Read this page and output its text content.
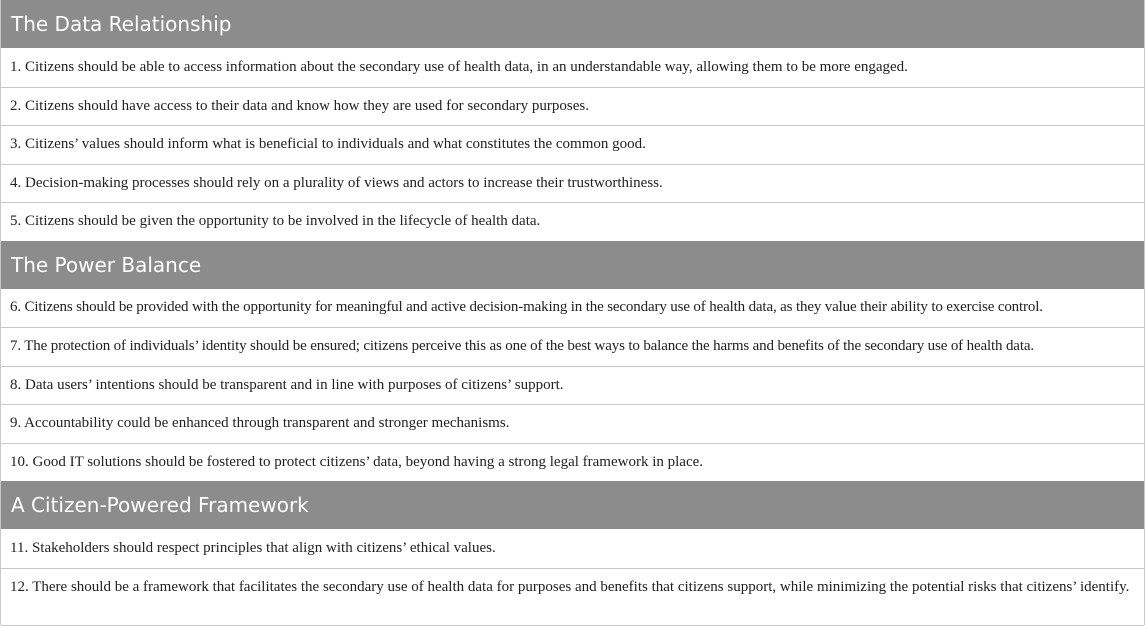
The Data Relationship
1. Citizens should be able to access information about the secondary use of health data, in an understandable way, allowing them to be more engaged.
2. Citizens should have access to their data and know how they are used for secondary purposes.
3. Citizens’ values should inform what is beneficial to individuals and what constitutes the common good.
4. Decision-making processes should rely on a plurality of views and actors to increase their trustworthiness.
5. Citizens should be given the opportunity to be involved in the lifecycle of health data.
The Power Balance
6. Citizens should be provided with the opportunity for meaningful and active decision-making in the secondary use of health data, as they value their ability to exercise control.
7. The protection of individuals’ identity should be ensured; citizens perceive this as one of the best ways to balance the harms and benefits of the secondary use of health data.
8. Data users’ intentions should be transparent and in line with purposes of citizens’ support.
9. Accountability could be enhanced through transparent and stronger mechanisms.
10. Good IT solutions should be fostered to protect citizens’ data, beyond having a strong legal framework in place.
A Citizen-Powered Framework
11. Stakeholders should respect principles that align with citizens’ ethical values.
12. There should be a framework that facilitates the secondary use of health data for purposes and benefits that citizens support, while minimizing the potential risks that citizens’ identify.
